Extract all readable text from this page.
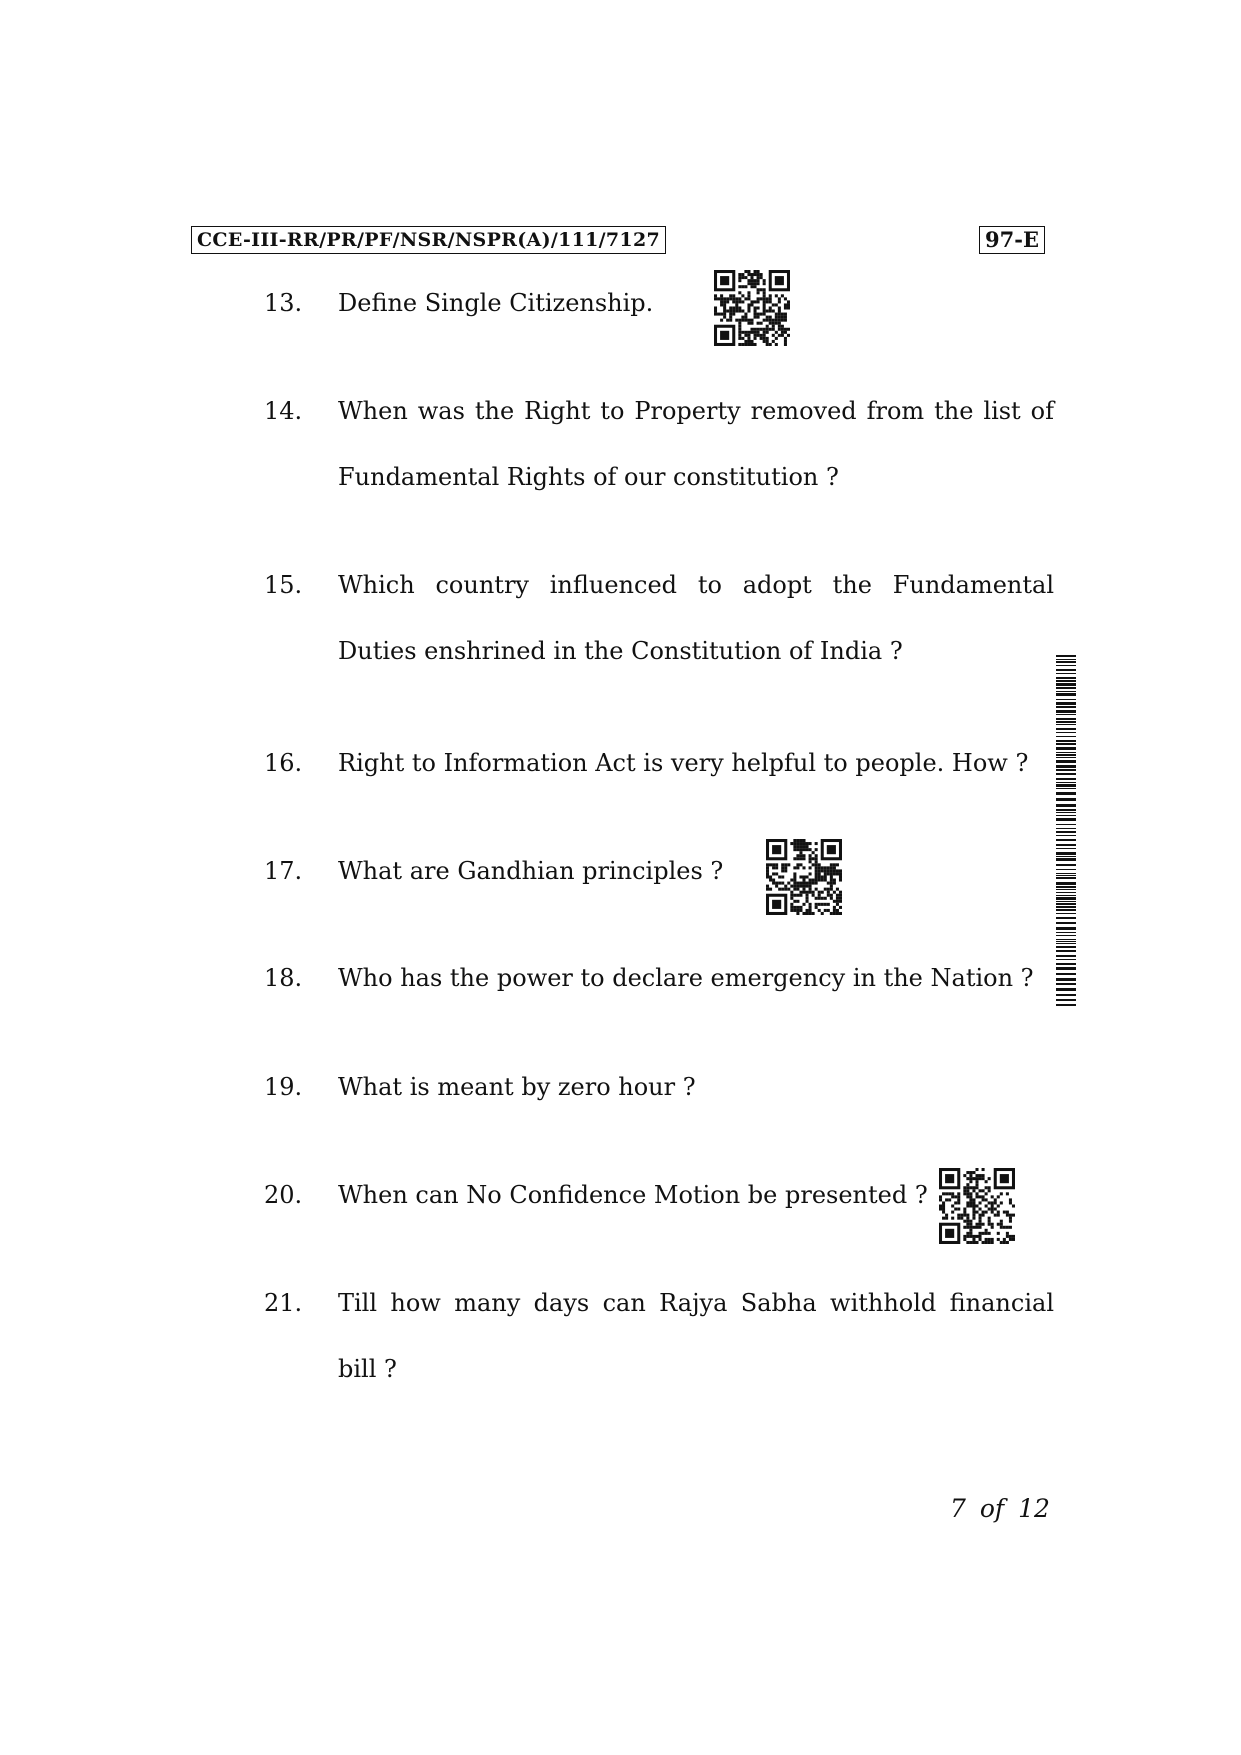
CCE-III-RR/PR/PF/NSR/NSPR(A)/111/7127	97-E
13. Define Single Citizenship.
14. When was the Right to Property removed from the list of Fundamental Rights of our constitution ?
15. Which country influenced to adopt the Fundamental Duties enshrined in the Constitution of India ?
16. Right to Information Act is very helpful to people. How ?
17. What are Gandhian principles ?
18. Who has the power to declare emergency in the Nation ?
19. What is meant by zero hour ?
20. When can No Confidence Motion be presented ?
21. Till how many days can Rajya Sabha withhold financial bill ?
7 of 12
